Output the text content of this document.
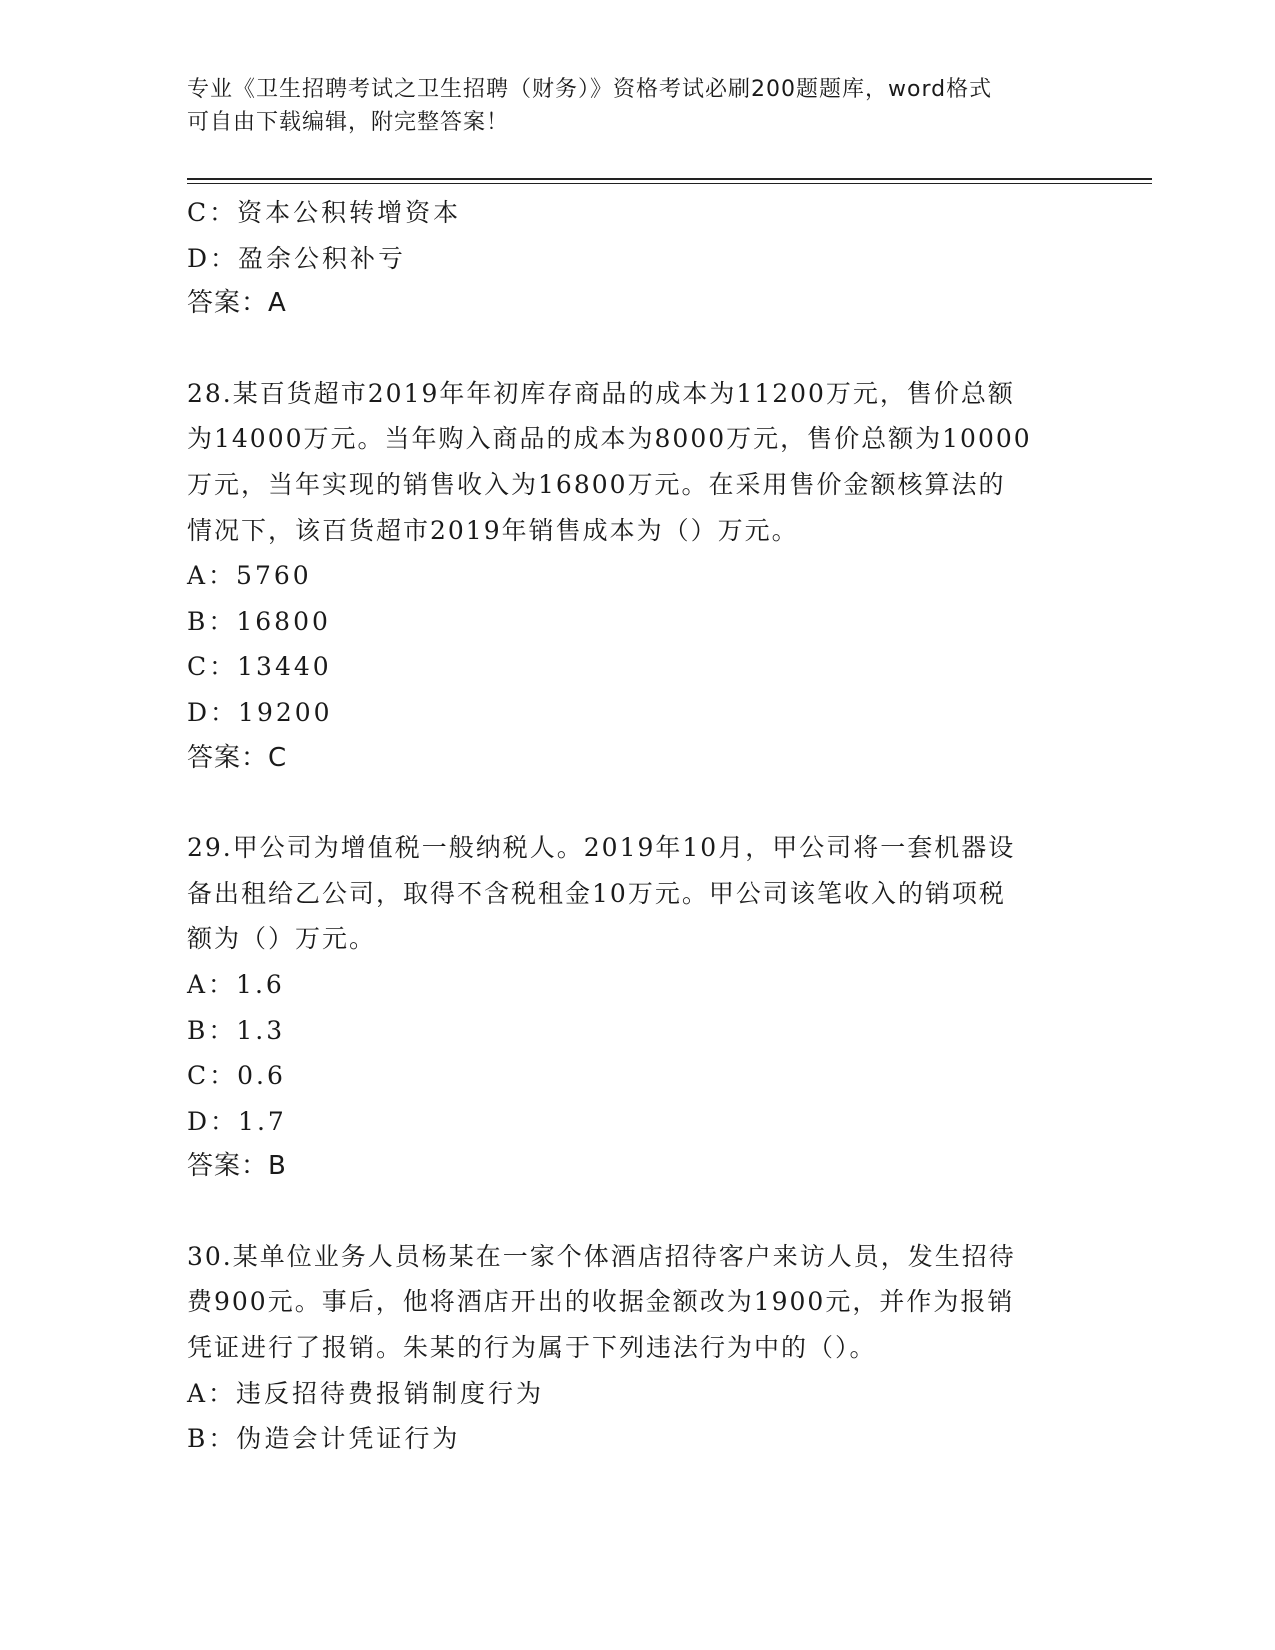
专业《卫生招聘考试之卫生招聘（财务）》资格考试必刷200题题库，word格式
可自由下载编辑，附完整答案！
C：资本公积转增资本
D：盈余公积补亏
答案：A
28.某百货超市2019年年初库存商品的成本为11200万元，售价总额
为14000万元。当年购入商品的成本为8000万元，售价总额为10000
万元，当年实现的销售收入为16800万元。在采用售价金额核算法的
情况下，该百货超市2019年销售成本为（）万元。
A：5760
B：16800
C：13440
D：19200
答案：C
29.甲公司为增值税一般纳税人。2019年10月，甲公司将一套机器设
备出租给乙公司，取得不含税租金10万元。甲公司该笔收入的销项税
额为（）万元。
A：1.6
B：1.3
C：0.6
D：1.7
答案：B
30.某单位业务人员杨某在一家个体酒店招待客户来访人员，发生招待
费900元。事后，他将酒店开出的收据金额改为1900元，并作为报销
凭证进行了报销。朱某的行为属于下列违法行为中的（）。
A：违反招待费报销制度行为
B：伪造会计凭证行为
